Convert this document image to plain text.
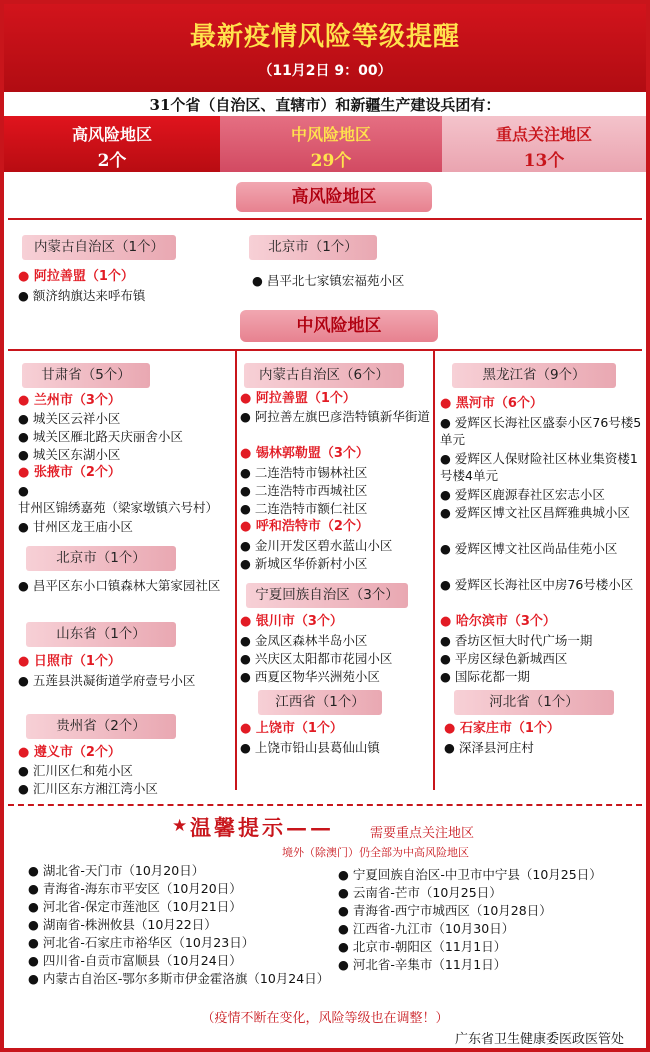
最新疫情风险等级提醒
（11月2日 9：00）
31个省（自治区、直辖市）和新疆生产建设兵团有：
高风险地区
2个
中风险地区
29个
重点关注地区
13个
高风险地区
内蒙古自治区（1个）
● 阿拉善盟（1个）
● 额济纳旗达来呼布镇
北京市（1个）
● 昌平北七家镇宏福苑小区
中风险地区
甘肃省（5个）
● 兰州市（3个）
● 城关区云祥小区
● 城关区雁北路天庆丽舍小区
● 城关区东湖小区
● 张掖市（2个）
● 甘州区锦绣嘉苑（梁家墩镇六号村）
● 甘州区龙王庙小区
北京市（1个）
● 昌平区东小口镇森林大第家园社区
山东省（1个）
● 日照市（1个）
● 五莲县洪凝街道学府壹号小区
贵州省（2个）
● 遵义市（2个）
● 汇川区仁和苑小区
● 汇川区东方湘江湾小区
内蒙古自治区（6个）
● 阿拉善盟（1个）
● 阿拉善左旗巴彦浩特镇新华街道
● 锡林郭勒盟（3个）
● 二连浩特市锡林社区
● 二连浩特市西城社区
● 二连浩特市额仁社区
● 呼和浩特市（2个）
● 金川开发区碧水蓝山小区
● 新城区华侨新村小区
宁夏回族自治区（3个）
● 银川市（3个）
● 金凤区森林半岛小区
● 兴庆区太阳都市花园小区
● 西夏区物华兴洲苑小区
江西省（1个）
● 上饶市（1个）
● 上饶市铅山县葛仙山镇
黑龙江省（9个）
● 黑河市（6个）
● 爱辉区长海社区盛泰小区76号楼5单元
● 爱辉区人保财险社区林业集资楼1号楼4单元
● 爱辉区鹿源春社区宏志小区
● 爱辉区博文社区昌辉雅典城小区
● 爱辉区博文社区尚品佳苑小区
● 爱辉区长海社区中房76号楼小区
● 哈尔滨市（3个）
● 香坊区恒大时代广场一期
● 平房区绿色新城西区
● 国际花都一期
河北省（1个）
● 石家庄市（1个）
● 深泽县河庄村
★ 温馨提示——	需要重点关注地区
境外（除澳门）仍全部为中高风险地区
● 湖北省-天门市（10月20日）
● 青海省-海东市平安区（10月20日）
● 河北省-保定市莲池区（10月21日）
● 湖南省-株洲攸县（10月22日）
● 河北省-石家庄市裕华区（10月23日）
● 四川省-自贡市富顺县（10月24日）
● 内蒙古自治区-鄂尔多斯市伊金霍洛旗（10月24日）
● 宁夏回族自治区-中卫市中宁县（10月25日）
● 云南省-芒市（10月25日）
● 青海省-西宁市城西区（10月28日）
● 江西省-九江市（10月30日）
● 北京市-朝阳区（11月1日）
● 河北省-辛集市（11月1日）
（疫情不断在变化，风险等级也在调整！）
广东省卫生健康委医政医管处
